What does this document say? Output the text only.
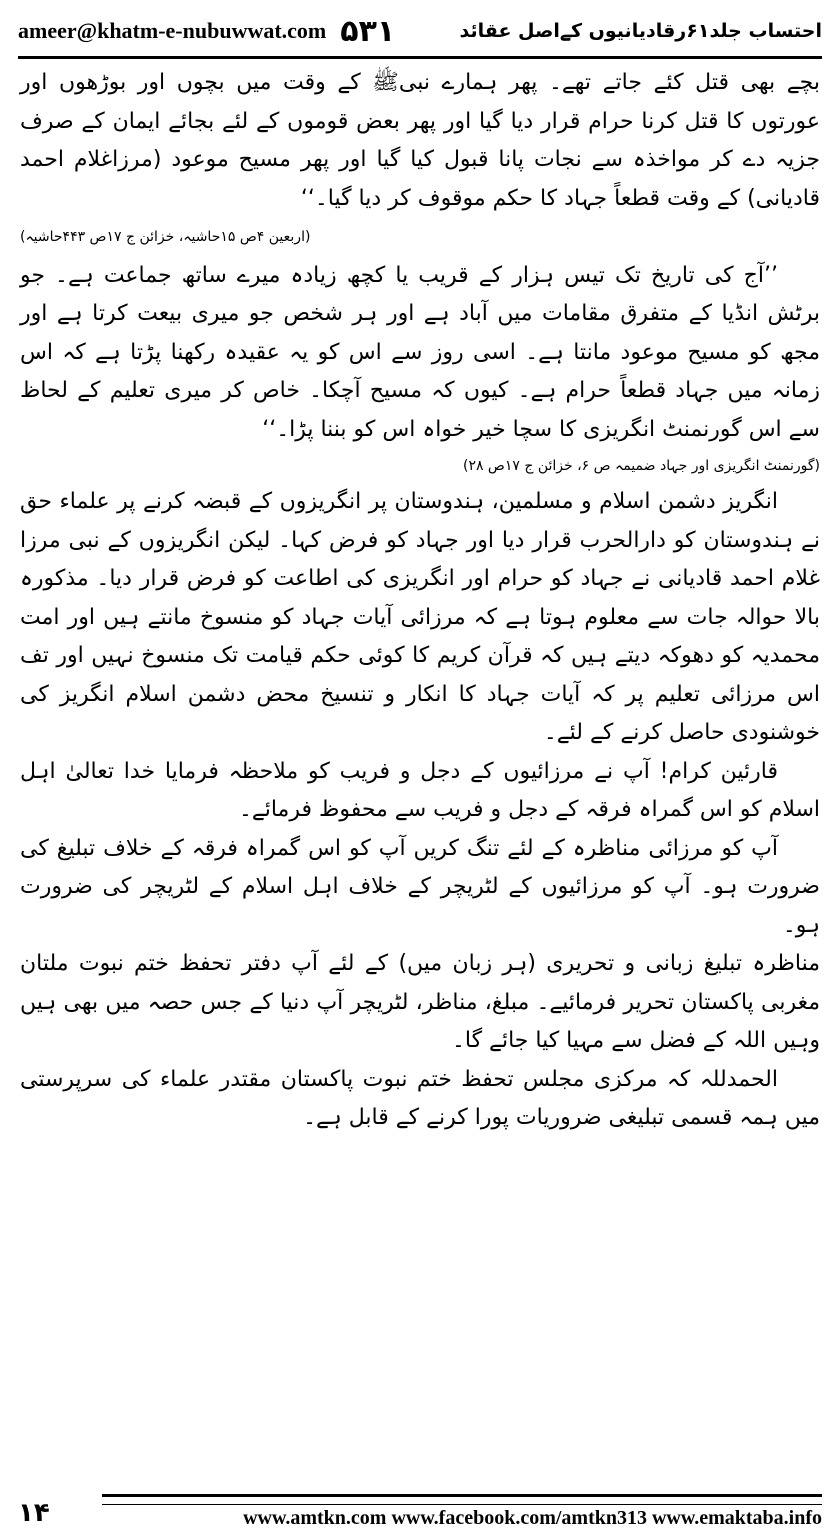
ameer@khatm-e-nubuwwat.com ۵۳۱	احتساب جلد۶۱رقادیانیوں کےاصل عقائد

بچے بھی قتل کئے جاتے تھے۔ پھر ہمارے نبیﷺ کے وقت میں بچوں اور بوڑھوں اور عورتوں کا قتل کرنا حرام قرار دیا گیا اور پھر بعض قوموں کے لئے بجائے ایمان کے صرف جزیہ دے کر مواخذہ سے نجات پانا قبول کیا گیا اور پھر مسیح موعود (مرزاغلام احمد قادیانی) کے وقت قطعاً جہاد کا حکم موقوف کر دیا گیا۔‘‘
(اربعین ۴ص ۱۵حاشیہ، خزائن ج ۱۷ص ۴۴۳حاشیہ)

’’آج کی تاریخ تک تیس ہزار کے قریب یا کچھ زیادہ میرے ساتھ جماعت ہے۔ جو برٹش انڈیا کے متفرق مقامات میں آباد ہے اور ہر شخص جو میری بیعت کرتا ہے اور مجھ کو مسیح موعود مانتا ہے۔ اسی روز سے اس کو یہ عقیدہ رکھنا پڑتا ہے کہ اس زمانہ میں جہاد قطعاً حرام ہے۔ کیوں کہ مسیح آچکا۔ خاص کر میری تعلیم کے لحاظ سے اس گورنمنٹ انگریزی کا سچا خیر خواہ اس کو بننا پڑا۔‘‘

(گورنمنٹ انگریزی اور جہاد ضمیمہ ص ۶، خزائن ج ۱۷ص ۲۸)

انگریز دشمن اسلام و مسلمین، ہندوستان پر انگریزوں کے قبضہ کرنے پر علماء حق نے ہندوستان کو دارالحرب قرار دیا اور جہاد کو فرض کہا۔ لیکن انگریزوں کے نبی مرزا غلام احمد قادیانی نے جہاد کو حرام اور انگریزی کی اطاعت کو فرض قرار دیا۔ مذکورہ بالا حوالہ جات سے معلوم ہوتا ہے کہ مرزائی آیات جہاد کو منسوخ مانتے ہیں اور امت محمدیہ کو دھوکہ دیتے ہیں کہ قرآن کریم کا کوئی حکم قیامت تک منسوخ نہیں اور تف اس مرزائی تعلیم پر کہ آیات جہاد کا انکار و تنسیخ محض دشمن اسلام انگریز کی خوشنودی حاصل کرنے کے لئے۔

قارئین کرام! آپ نے مرزائیوں کے دجل و فریب کو ملاحظہ فرمایا خدا تعالیٰ اہل اسلام کو اس گمراہ فرقہ کے دجل و فریب سے محفوظ فرمائے۔

آپ کو مرزائی مناظرہ کے لئے تنگ کریں آپ کو اس گمراہ فرقہ کے خلاف تبلیغ کی ضرورت ہو۔ آپ کو مرزائیوں کے لٹریچر کے خلاف اہل اسلام کے لٹریچر کی ضرورت ہو۔

مناظرہ تبلیغ زبانی و تحریری (ہر زبان میں) کے لئے آپ دفتر تحفظ ختم نبوت ملتان مغربی پاکستان تحریر فرمائیے۔ مبلغ، مناظر، لٹریچر آپ دنیا کے جس حصہ میں بھی ہیں وہیں اللہ کے فضل سے مہیا کیا جائے گا۔

الحمدللہ کہ مرکزی مجلس تحفظ ختم نبوت پاکستان مقتدر علماء کی سرپرستی میں ہمہ قسمی تبلیغی ضروریات پورا کرنے کے قابل ہے۔

۱۴	www.amtkn.com www.facebook.com/amtkn313 www.emaktaba.info
